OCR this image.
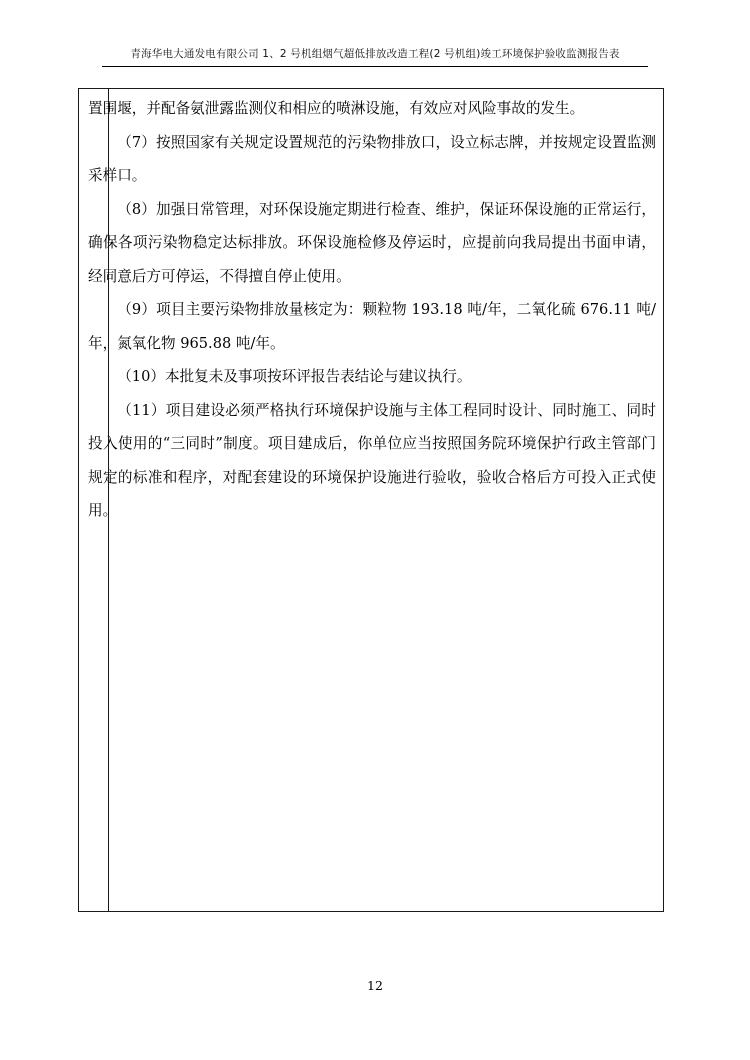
青海华电大通发电有限公司 1、2 号机组烟气超低排放改造工程(2 号机组)竣工环境保护验收监测报告表

置围堰，并配备氨泄露监测仪和相应的喷淋设施，有效应对风险事故的发生。

（7）按照国家有关规定设置规范的污染物排放口，设立标志牌，并按规定设置监测采样口。

（8）加强日常管理，对环保设施定期进行检查、维护，保证环保设施的正常运行，确保各项污染物稳定达标排放。环保设施检修及停运时，应提前向我局提出书面申请，经同意后方可停运，不得擅自停止使用。

（9）项目主要污染物排放量核定为：颗粒物 193.18 吨/年，二氧化硫 676.11 吨/年，氮氧化物 965.88 吨/年。

（10）本批复未及事项按环评报告表结论与建议执行。

（11）项目建设必须严格执行环境保护设施与主体工程同时设计、同时施工、同时投入使用的“三同时”制度。项目建成后，你单位应当按照国务院环境保护行政主管部门规定的标准和程序，对配套建设的环境保护设施进行验收，验收合格后方可投入正式使用。

12
